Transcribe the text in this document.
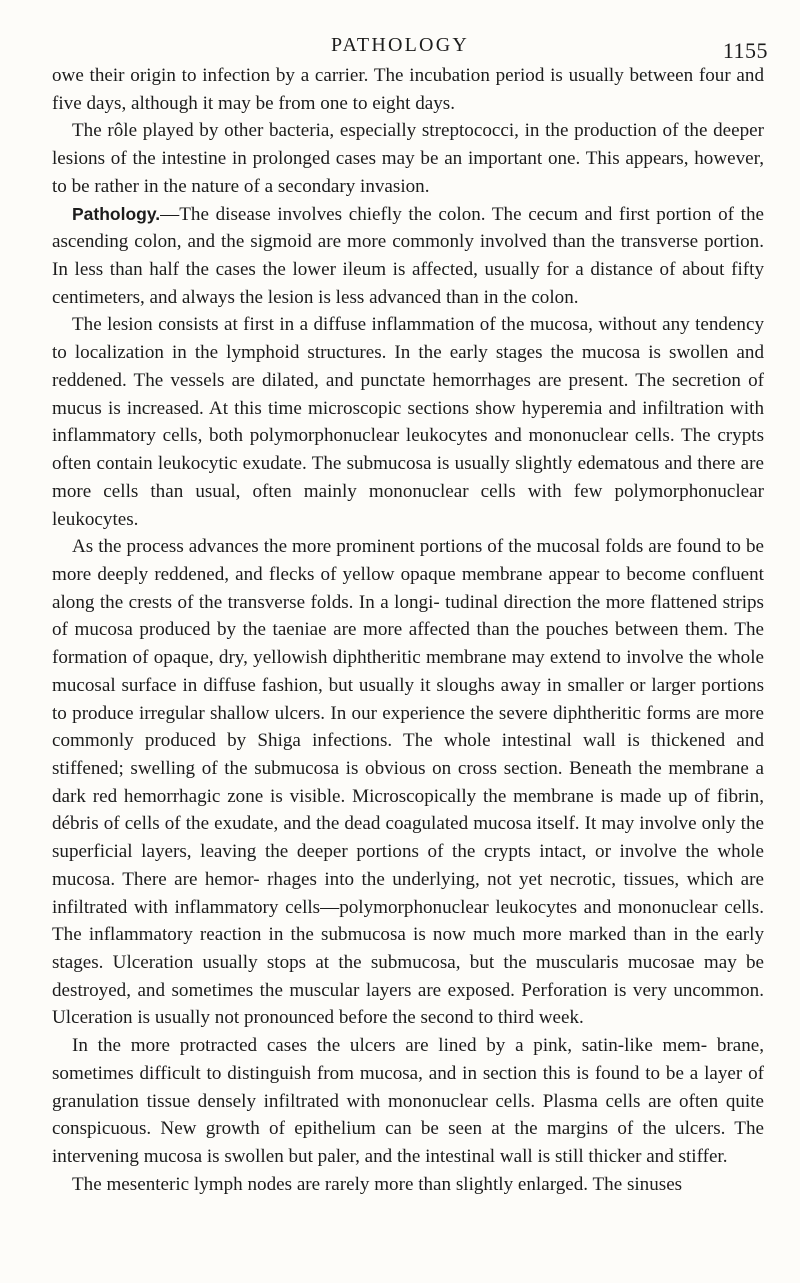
PATHOLOGY	1155

owe their origin to infection by a carrier. The incubation period is usually between four and five days, although it may be from one to eight days.

The rôle played by other bacteria, especially streptococci, in the production of the deeper lesions of the intestine in prolonged cases may be an important one. This appears, however, to be rather in the nature of a secondary invasion.

Pathology.—The disease involves chiefly the colon. The cecum and first portion of the ascending colon, and the sigmoid are more commonly involved than the transverse portion. In less than half the cases the lower ileum is affected, usually for a distance of about fifty centimeters, and always the lesion is less advanced than in the colon.

The lesion consists at first in a diffuse inflammation of the mucosa, without any tendency to localization in the lymphoid structures. In the early stages the mucosa is swollen and reddened. The vessels are dilated, and punctate hemorrhages are present. The secretion of mucus is increased. At this time microscopic sections show hyperemia and infiltration with inflammatory cells, both polymorphonuclear leukocytes and mononuclear cells. The crypts often contain leukocytic exudate. The submucosa is usually slightly edematous and there are more cells than usual, often mainly mononuclear cells with few polymorphonuclear leukocytes.

As the process advances the more prominent portions of the mucosal folds are found to be more deeply reddened, and flecks of yellow opaque membrane appear to become confluent along the crests of the transverse folds. In a longi- tudinal direction the more flattened strips of mucosa produced by the taeniae are more affected than the pouches between them. The formation of opaque, dry, yellowish diphtheritic membrane may extend to involve the whole mucosal surface in diffuse fashion, but usually it sloughs away in smaller or larger portions to produce irregular shallow ulcers. In our experience the severe diphtheritic forms are more commonly produced by Shiga infections. The whole intestinal wall is thickened and stiffened; swelling of the submucosa is obvious on cross section. Beneath the membrane a dark red hemorrhagic zone is visible. Microscopically the membrane is made up of fibrin, débris of cells of the exudate, and the dead coagulated mucosa itself. It may involve only the superficial layers, leaving the deeper portions of the crypts intact, or involve the whole mucosa. There are hemor- rhages into the underlying, not yet necrotic, tissues, which are infiltrated with inflammatory cells—polymorphonuclear leukocytes and mononuclear cells. The inflammatory reaction in the submucosa is now much more marked than in the early stages. Ulceration usually stops at the submucosa, but the muscularis mucosae may be destroyed, and sometimes the muscular layers are exposed. Perforation is very uncommon. Ulceration is usually not pronounced before the second to third week.

In the more protracted cases the ulcers are lined by a pink, satin-like mem- brane, sometimes difficult to distinguish from mucosa, and in section this is found to be a layer of granulation tissue densely infiltrated with mononuclear cells. Plasma cells are often quite conspicuous. New growth of epithelium can be seen at the margins of the ulcers. The intervening mucosa is swollen but paler, and the intestinal wall is still thicker and stiffer.

The mesenteric lymph nodes are rarely more than slightly enlarged. The sinuses
